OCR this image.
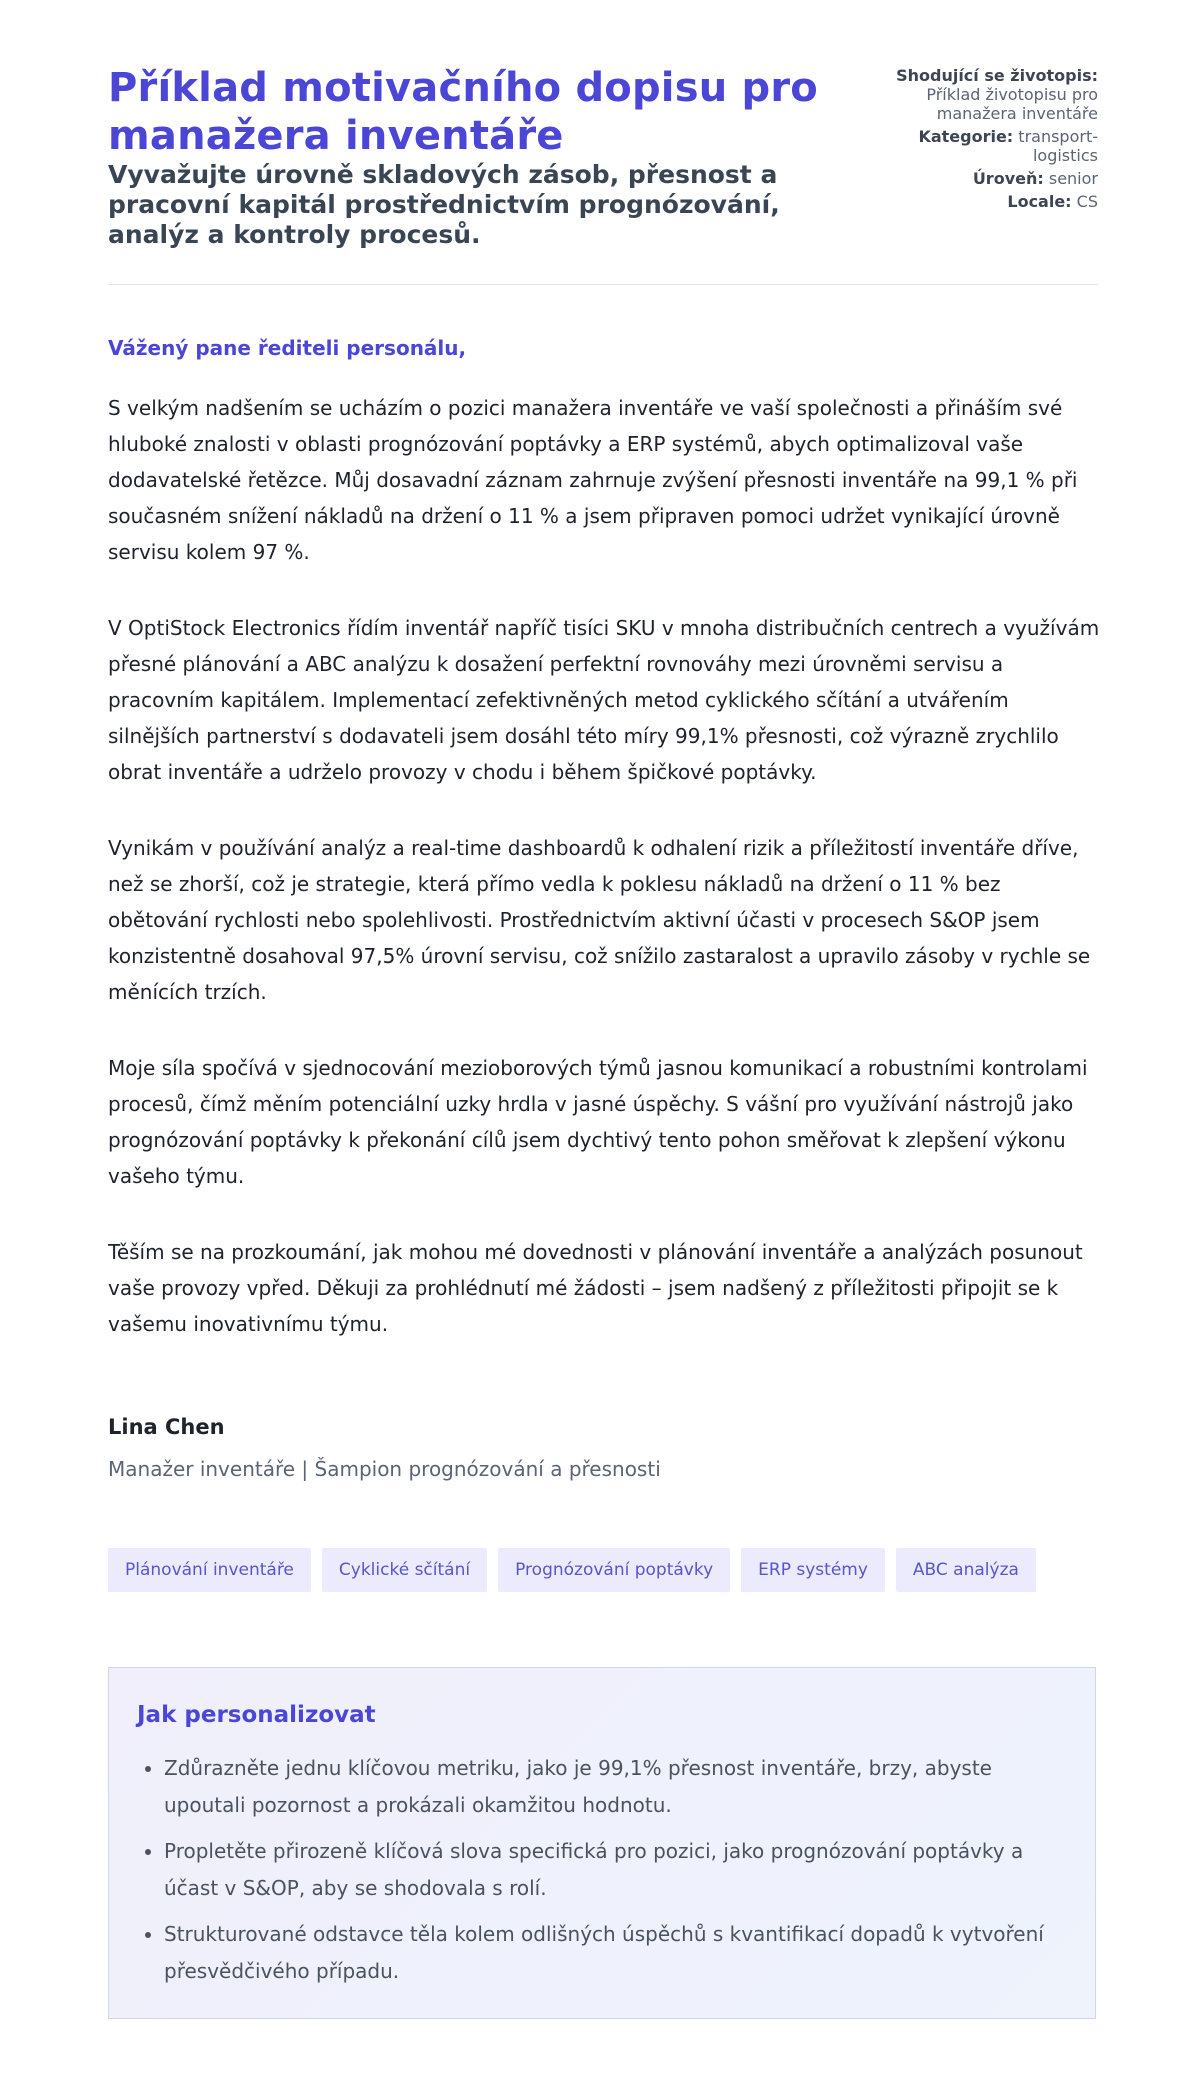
Příklad motivačního dopisu pro manažera inventáře
Vyvažujte úrovně skladových zásob, přesnost a pracovní kapitál prostřednictvím prognózování, analýz a kontroly procesů.
Shodující se životopis:
Příklad životopisu pro manažera inventáře
Kategorie: transport-logistics
Úroveň: senior
Locale: CS

Vážený pane řediteli personálu,

S velkým nadšením se ucházím o pozici manažera inventáře ve vaší společnosti a přináším své hluboké znalosti v oblasti prognózování poptávky a ERP systémů, abych optimalizoval vaše dodavatelské řetězce. Můj dosavadní záznam zahrnuje zvýšení přesnosti inventáře na 99,1 % při současném snížení nákladů na držení o 11 % a jsem připraven pomoci udržet vynikající úrovně servisu kolem 97 %.

V OptiStock Electronics řídím inventář napříč tisíci SKU v mnoha distribučních centrech a využívám přesné plánování a ABC analýzu k dosažení perfektní rovnováhy mezi úrovněmi servisu a pracovním kapitálem. Implementací zefektivněných metod cyklického sčítání a utvářením silnějších partnerství s dodavateli jsem dosáhl této míry 99,1% přesnosti, což výrazně zrychlilo obrat inventáře a udrželo provozy v chodu i během špičkové poptávky.

Vynikám v používání analýz a real-time dashboardů k odhalení rizik a příležitostí inventáře dříve, než se zhorší, což je strategie, která přímo vedla k poklesu nákladů na držení o 11 % bez obětování rychlosti nebo spolehlivosti. Prostřednictvím aktivní účasti v procesech S&OP jsem konzistentně dosahoval 97,5% úrovní servisu, což snížilo zastaralost a upravilo zásoby v rychle se měnících trzích.

Moje síla spočívá v sjednocování mezioborových týmů jasnou komunikací a robustními kontrolami procesů, čímž měním potenciální uzky hrdla v jasné úspěchy. S vášní pro využívání nástrojů jako prognózování poptávky k překonání cílů jsem dychtivý tento pohon směřovat k zlepšení výkonu vašeho týmu.

Těším se na prozkoumání, jak mohou mé dovednosti v plánování inventáře a analýzách posunout vaše provozy vpřed. Děkuji za prohlédnutí mé žádosti – jsem nadšený z příležitosti připojit se k vašemu inovativnímu týmu.

Lina Chen

Manažer inventáře | Šampion prognózování a přesnosti

Plánování inventáře	Cyklické sčítání	Prognózování poptávky	ERP systémy	ABC analýza
Jak personalizovat
• Zdůrazněte jednu klíčovou metriku, jako je 99,1% přesnost inventáře, brzy, abyste upoutali pozornost a prokázali okamžitou hodnotu.
• Propletěte přirozeně klíčová slova specifická pro pozici, jako prognózování poptávky a účast v S&OP, aby se shodovala s rolí.
• Strukturované odstavce těla kolem odlišných úspěchů s kvantifikací dopadů k vytvoření přesvědčivého případu.
